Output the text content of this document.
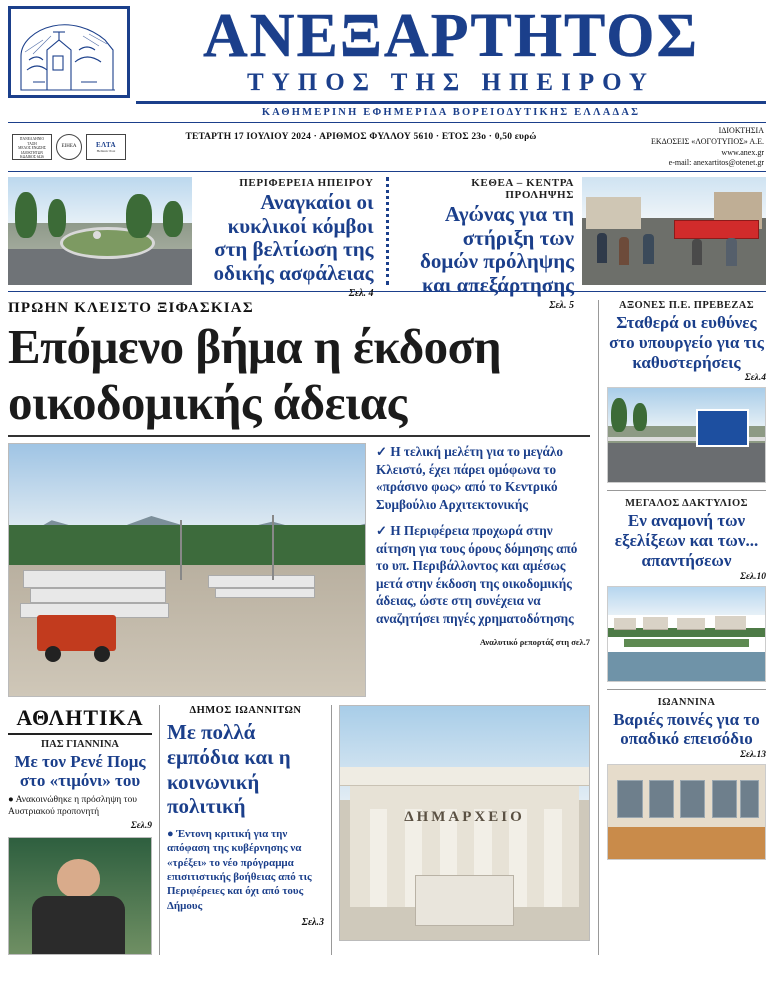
ΑΝΕΞΑΡΤΗΤΟΣ
ΤΥΠΟΣ ΤΗΣ ΗΠΕΙΡΟΥ
ΚΑΘΗΜΕΡΙΝΗ ΕΦΗΜΕΡΙΔΑ ΒΟΡΕΙΟΔΥΤΙΚΗΣ ΕΛΛΑΔΑΣ
ΠΑΝΕΛΛΗΝΙΟ ΤΑΞΗ
ΜΕΛΟΣ ΕΝΩΣΗΣ
ΙΔΙΟΚΤΗΤΩΝ
ΚΩΔΙΚΟΣ 6426
ΕΙΗΕΑ	ΕΛΤΑ
Hellenic Post
ΤΕΤΑΡΤΗ 17 ΙΟΥΛΙΟΥ 2024 · ΑΡΙΘΜΟΣ ΦΥΛΛΟΥ 5610 · ΕΤΟΣ 23ο · 0,50 ευρώ
ΙΔΙΟΚΤΗΣΙΑ
ΕΚΔΟΣΕΙΣ «ΛΟΓΟΤΥΠΟΣ» Α.Ε.
www.anex.gr
e-mail: anexartitos@otenet.gr
ΠΕΡΙΦΕΡΕΙΑ ΗΠΕΙΡΟΥ
Αναγκαίοι οι κυκλικοί κόμβοι στη βελτίωση της οδικής ασφάλειας
Σελ. 4
ΚΕΘΕΑ – ΚΕΝΤΡΑ ΠΡΟΛΗΨΗΣ
Αγώνας για τη στήριξη των δομών πρόληψης και απεξάρτησης
Σελ. 5
ΠΡΩΗΝ ΚΛΕΙΣΤΟ ΞΙΦΑΣΚΙΑΣ
Επόμενο βήμα η έκδοση
οικοδομικής άδειας

✓ Η τελική μελέτη για το μεγάλο Κλειστό, έχει πάρει ομόφωνα το «πράσινο φως» από το Κεντρικό Συμβούλιο Αρχιτεκτονικής

✓ Η Περιφέρεια προχωρά στην αίτηση για τους όρους δόμησης από το υπ. Περιβάλλοντος και αμέσως μετά στην έκδοση της οικοδομικής άδειας, ώστε στη συνέχεια να αναζητήσει πηγές χρηματοδότησης

Αναλυτικό ρεπορτάζ στη σελ.7
ΑΘΛΗΤΙΚΑ
ΠΑΣ ΓΙΑΝΝΙΝΑ
Με τον Ρενέ Πομς στο «τιμόνι» του
● Ανακοινώθηκε η πρόσληψη του Αυστριακού προπονητή
Σελ.9
ΔΗΜΟΣ ΙΩΑΝΝΙΤΩΝ
Με πολλά εμπόδια και η κοινωνική πολιτική
● Έντονη κριτική για την απόφαση της κυβέρνησης να «τρέξει» το νέο πρόγραμμα επισιτιστικής βοήθειας από τις Περιφέρειες και όχι από τους Δήμους
Σελ.3
ΔΗΜΑΡΧΕΙΟ
ΑΞΟΝΕΣ Π.Ε. ΠΡΕΒΕΖΑΣ
Σταθερά οι ευθύνες στο υπουργείο για τις καθυστερήσεις
Σελ.4
ΜΕΓΑΛΟΣ ΔΑΚΤΥΛΙΟΣ
Εν αναμονή των εξελίξεων και των... απαντήσεων
Σελ.10
ΙΩΑΝΝΙΝΑ
Βαριές ποινές για το οπαδικό επεισόδιο
Σελ.13
